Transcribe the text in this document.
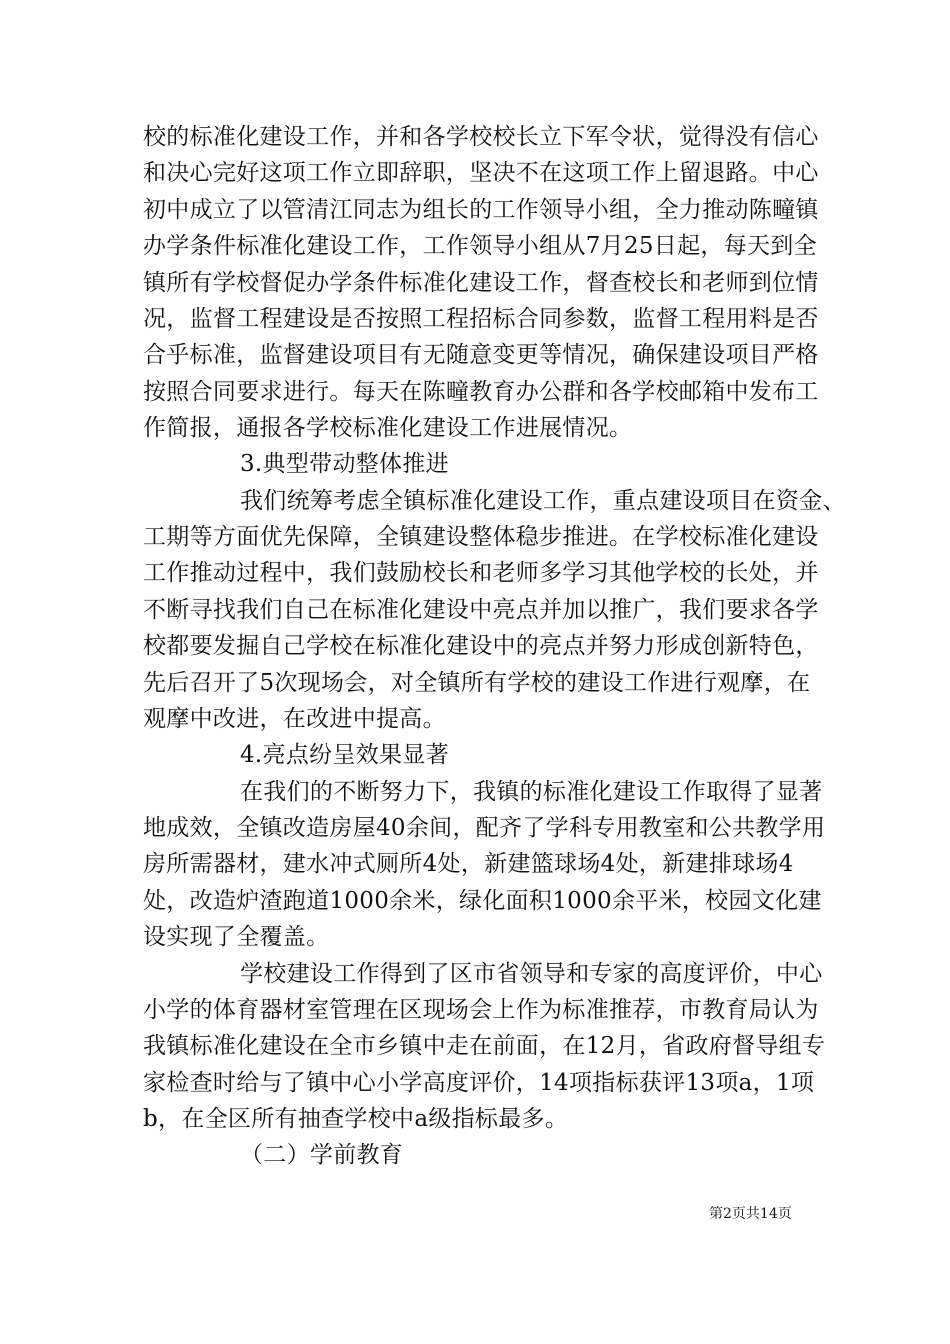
校的标准化建设工作，并和各学校校长立下军令状，觉得没有信心
和决心完好这项工作立即辞职，坚决不在这项工作上留退路。中心
初中成立了以管清江同志为组长的工作领导小组，全力推动陈疃镇
办学条件标准化建设工作，工作领导小组从7月25日起，每天到全
镇所有学校督促办学条件标准化建设工作，督查校长和老师到位情
况，监督工程建设是否按照工程招标合同参数，监督工程用料是否
合乎标准，监督建设项目有无随意变更等情况，确保建设项目严格
按照合同要求进行。每天在陈疃教育办公群和各学校邮箱中发布工
作简报，通报各学校标准化建设工作进展情况。
3.典型带动整体推进
我们统筹考虑全镇标准化建设工作，重点建设项目在资金、
工期等方面优先保障，全镇建设整体稳步推进。在学校标准化建设
工作推动过程中，我们鼓励校长和老师多学习其他学校的长处，并
不断寻找我们自己在标准化建设中亮点并加以推广，我们要求各学
校都要发掘自己学校在标准化建设中的亮点并努力形成创新特色，
先后召开了5次现场会，对全镇所有学校的建设工作进行观摩，在
观摩中改进，在改进中提高。
4.亮点纷呈效果显著
在我们的不断努力下，我镇的标准化建设工作取得了显著
地成效，全镇改造房屋40余间，配齐了学科专用教室和公共教学用
房所需器材，建水冲式厕所4处，新建篮球场4处，新建排球场4
处，改造炉渣跑道1000余米，绿化面积1000余平米，校园文化建
设实现了全覆盖。
学校建设工作得到了区市省领导和专家的高度评价，中心
小学的体育器材室管理在区现场会上作为标准推荐，市教育局认为
我镇标准化建设在全市乡镇中走在前面，在12月，省政府督导组专
家检查时给与了镇中心小学高度评价，14项指标获评13项a，1项
b，在全区所有抽查学校中a级指标最多。
（二）学前教育
第2页共14页
